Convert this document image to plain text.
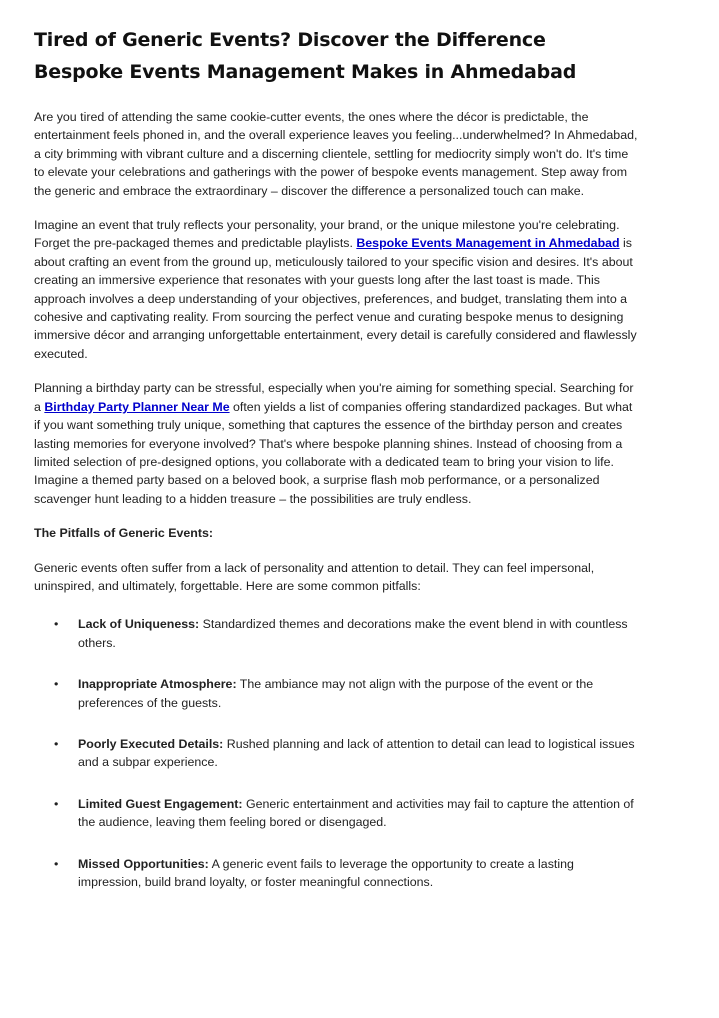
Tired of Generic Events? Discover the Difference Bespoke Events Management Makes in Ahmedabad

Are you tired of attending the same cookie-cutter events, the ones where the décor is predictable, the entertainment feels phoned in, and the overall experience leaves you feeling...underwhelmed? In Ahmedabad, a city brimming with vibrant culture and a discerning clientele, settling for mediocrity simply won't do. It's time to elevate your celebrations and gatherings with the power of bespoke events management. Step away from the generic and embrace the extraordinary – discover the difference a personalized touch can make.

Imagine an event that truly reflects your personality, your brand, or the unique milestone you're celebrating. Forget the pre-packaged themes and predictable playlists. Bespoke Events Management in Ahmedabad is about crafting an event from the ground up, meticulously tailored to your specific vision and desires. It's about creating an immersive experience that resonates with your guests long after the last toast is made. This approach involves a deep understanding of your objectives, preferences, and budget, translating them into a cohesive and captivating reality. From sourcing the perfect venue and curating bespoke menus to designing immersive décor and arranging unforgettable entertainment, every detail is carefully considered and flawlessly executed.

Planning a birthday party can be stressful, especially when you're aiming for something special. Searching for a Birthday Party Planner Near Me often yields a list of companies offering standardized packages. But what if you want something truly unique, something that captures the essence of the birthday person and creates lasting memories for everyone involved? That's where bespoke planning shines. Instead of choosing from a limited selection of pre-designed options, you collaborate with a dedicated team to bring your vision to life. Imagine a themed party based on a beloved book, a surprise flash mob performance, or a personalized scavenger hunt leading to a hidden treasure – the possibilities are truly endless.

The Pitfalls of Generic Events:

Generic events often suffer from a lack of personality and attention to detail. They can feel impersonal, uninspired, and ultimately, forgettable. Here are some common pitfalls:

• Lack of Uniqueness: Standardized themes and decorations make the event blend in with countless others.
• Inappropriate Atmosphere: The ambiance may not align with the purpose of the event or the preferences of the guests.
• Poorly Executed Details: Rushed planning and lack of attention to detail can lead to logistical issues and a subpar experience.
• Limited Guest Engagement: Generic entertainment and activities may fail to capture the attention of the audience, leaving them feeling bored or disengaged.
• Missed Opportunities: A generic event fails to leverage the opportunity to create a lasting impression, build brand loyalty, or foster meaningful connections.
